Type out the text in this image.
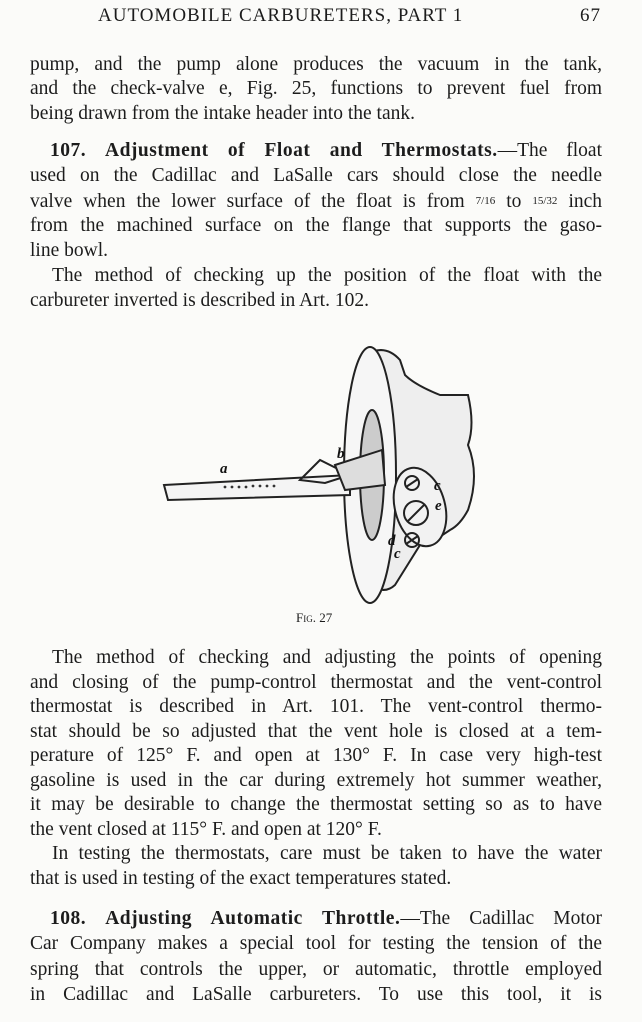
AUTOMOBILE CARBURETERS, PART 1	67
pump, and the pump alone produces the vacuum in the tank,
and the check-valve e, Fig. 25, functions to prevent fuel from
being drawn from the intake header into the tank.
107. Adjustment of Float and Thermostats.—The float
used on the Cadillac and LaSalle cars should close the needle
valve when the lower surface of the float is from 7/16 to 15/32 inch
from the machined surface on the flange that supports the gaso-
line bowl.
The method of checking up the position of the float with the
carbureter inverted is described in Art. 102.
a
b
c
e
d
c
Fig. 27
The method of checking and adjusting the points of opening
and closing of the pump-control thermostat and the vent-control
thermostat is described in Art. 101. The vent-control thermo-
stat should be so adjusted that the vent hole is closed at a tem-
perature of 125° F. and open at 130° F. In case very high-test
gasoline is used in the car during extremely hot summer weather,
it may be desirable to change the thermostat setting so as to have
the vent closed at 115° F. and open at 120° F.
In testing the thermostats, care must be taken to have the water
that is used in testing of the exact temperatures stated.
108. Adjusting Automatic Throttle.—The Cadillac Motor
Car Company makes a special tool for testing the tension of the
spring that controls the upper, or automatic, throttle employed
in Cadillac and LaSalle carbureters. To use this tool, it is
